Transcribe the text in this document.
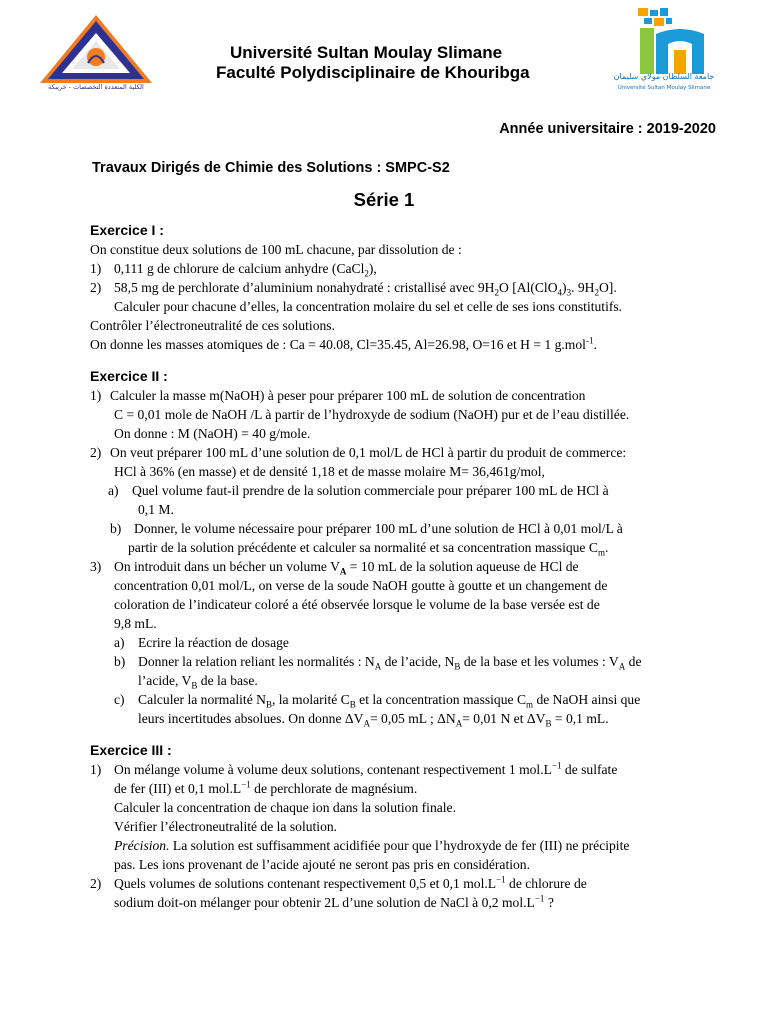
الكلية المتعددة التخصصات - خريبكة
جامعة السلطان مولاي سليمان
Université Sultan Moulay Slimane
Université Sultan Moulay Slimane
Faculté Polydisciplinaire de Khouribga
Année universitaire : 2019-2020
Travaux Dirigés de Chimie des Solutions : SMPC-S2
Série 1
Exercice I :
On constitue deux solutions de 100 mL chacune, par dissolution de :
1) 0,111 g de chlorure de calcium anhydre (CaCl$_2$),
2) 58,5 mg de perchlorate d’aluminium nonahydraté : cristallisé avec $9H_2O$ [$Al(ClO_4)_3$. $9H_2O$].
Calculer pour chacune d’elles, la concentration molaire du sel et celle de ses ions constitutifs.
Contrôler l’électroneutralité de ces solutions.
On donne les masses atomiques de : Ca = 40.08, Cl=35.45, Al=26.98, O=16 et H = 1 g.mol$^{-1}$.
Exercice II :
1) Calculer la masse m(NaOH) à peser pour préparer 100 mL de solution de concentration
C = 0,01 mole de NaOH /L à partir de l’hydroxyde de sodium (NaOH) pur et de l’eau distillée.
On donne : M (NaOH) = 40 g/mole.
2) On veut préparer 100 mL d’une solution de 0,1 mol/L de HCl à partir du produit de commerce:
HCl à 36% (en masse) et de densité 1,18 et de masse molaire M= 36,461g/mol,
a) Quel volume faut-il prendre de la solution commerciale pour préparer 100 mL de HCl à
0,1 M.
b) Donner, le volume nécessaire pour préparer 100 mL d’une solution de HCl à 0,01 mol/L à
partir de la solution précédente et calculer sa normalité et sa concentration massique $C_m$.
3) On introduit dans un bécher un volume $V_A = 10$ mL de la solution aqueuse de HCl de
concentration 0,01 mol/L, on verse de la soude NaOH goutte à goutte et un changement de
coloration de l’indicateur coloré a été observée lorsque le volume de la base versée est de
9,8 mL.
a) Ecrire la réaction de dosage
b) Donner la relation reliant les normalités : $N_A$ de l’acide, $N_B$ de la base et les volumes : $V_A$ de
l’acide, $V_B$ de la base.
c) Calculer la normalité $N_B$, la molarité $C_B$ et la concentration massique $C_m$ de NaOH ainsi que
leurs incertitudes absolues. On donne $\Delta V_A= 0,05$ mL ; $\Delta N_A= 0,01$ N et $\Delta V_B = 0,1$ mL.
Exercice III :
1) On mélange volume à volume deux solutions, contenant respectivement 1 $mol.L^{-1}$ de sulfate
de fer (III) et 0,1 $mol.L^{-1}$ de perchlorate de magnésium.
Calculer la concentration de chaque ion dans la solution finale.
Vérifier l’électroneutralité de la solution.
Précision. La solution est suffisamment acidifiée pour que l’hydroxyde de fer (III) ne précipite
pas. Les ions provenant de l’acide ajouté ne seront pas pris en considération.
2) Quels volumes de solutions contenant respectivement 0,5 et 0,1 $mol.L^{-1}$ de chlorure de
sodium doit-on mélanger pour obtenir 2L d’une solution de NaCl à 0,2 $mol.L^{-1}$ ?
